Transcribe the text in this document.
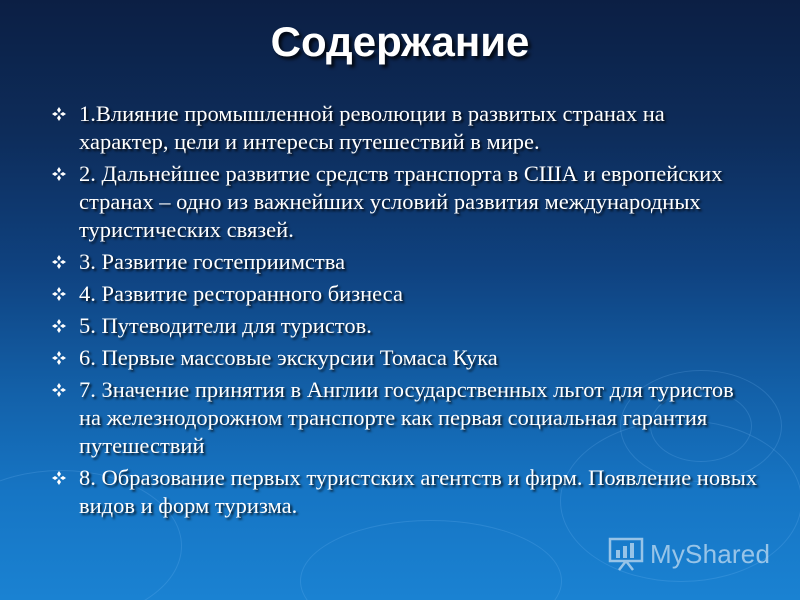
Содержание
1.Влияние промышленной революции в развитых странах на характер, цели и интересы путешествий в мире.
2. Дальнейшее развитие средств транспорта в США и европейских странах – одно из важнейших условий развития международных туристических связей.
3. Развитие гостеприимства
4. Развитие ресторанного бизнеса
5. Путеводители для туристов.
6. Первые массовые экскурсии Томаса Кука
7. Значение принятия в Англии государственных льгот для туристов на железнодорожном транспорте как первая социальная гарантия путешествий
8. Образование первых туристских агентств и фирм. Появление новых видов и форм туризма.
MyShared
